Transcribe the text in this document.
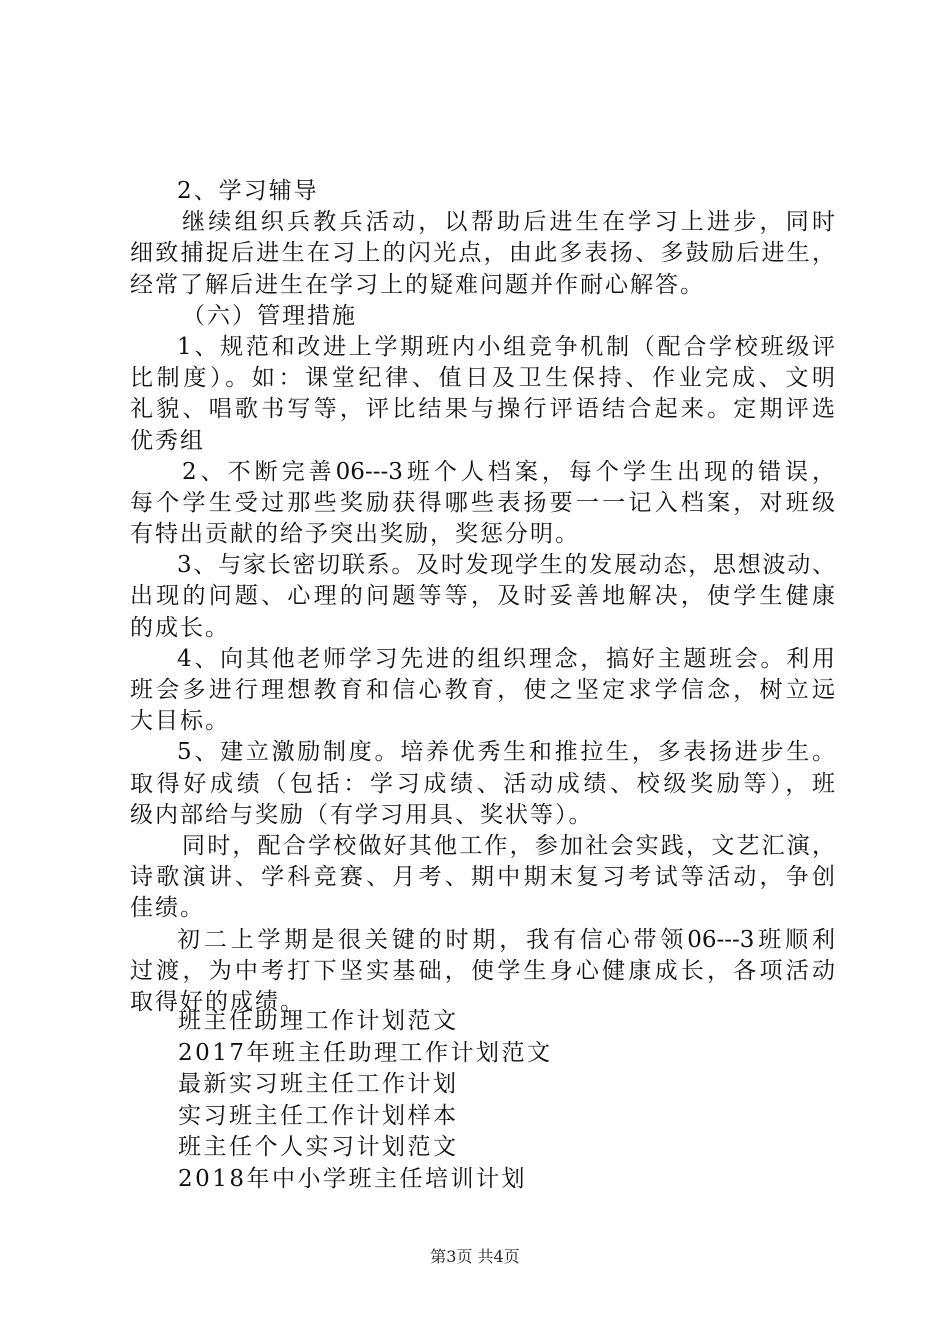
2、学习辅导
继续组织兵教兵活动，以帮助后进生在学习上进步，同时
细致捕捉后进生在习上的闪光点，由此多表扬、多鼓励后进生，
经常了解后进生在学习上的疑难问题并作耐心解答。
（六）管理措施
1、规范和改进上学期班内小组竞争机制（配合学校班级评
比制度）。如：课堂纪律、值日及卫生保持、作业完成、文明
礼貌、唱歌书写等，评比结果与操行评语结合起来。定期评选
优秀组
2、不断完善06---3班个人档案，每个学生出现的错误，
每个学生受过那些奖励获得哪些表扬要一一记入档案，对班级
有特出贡献的给予突出奖励，奖惩分明。
3、与家长密切联系。及时发现学生的发展动态，思想波动、
出现的问题、心理的问题等等，及时妥善地解决，使学生健康
的成长。
4、向其他老师学习先进的组织理念，搞好主题班会。利用
班会多进行理想教育和信心教育，使之坚定求学信念，树立远
大目标。
5、建立激励制度。培养优秀生和推拉生，多表扬进步生。
取得好成绩（包括：学习成绩、活动成绩、校级奖励等），班
级内部给与奖励（有学习用具、奖状等）。
同时，配合学校做好其他工作，参加社会实践，文艺汇演，
诗歌演讲、学科竞赛、月考、期中期末复习考试等活动，争创
佳绩。
初二上学期是很关键的时期，我有信心带领06---3班顺利
过渡，为中考打下坚实基础，使学生身心健康成长，各项活动
取得好的成绩。
班主任助理工作计划范文
2017年班主任助理工作计划范文
最新实习班主任工作计划
实习班主任工作计划样本
班主任个人实习计划范文
2018年中小学班主任培训计划
第3页 共4页
